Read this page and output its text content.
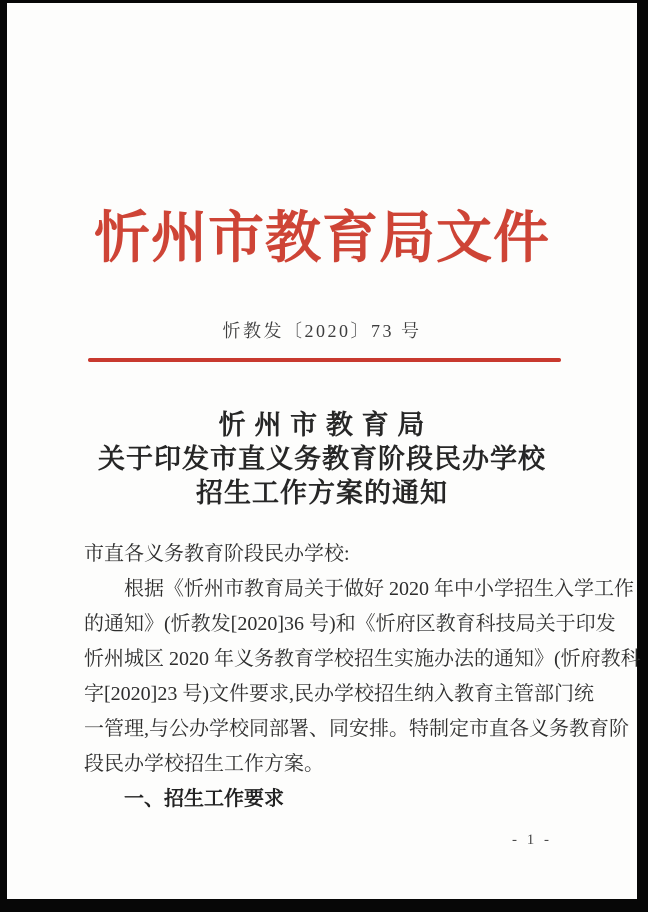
忻州市教育局文件
忻教发〔2020〕73 号
忻 州 市 教 育 局
关于印发市直义务教育阶段民办学校
招生工作方案的通知
市直各义务教育阶段民办学校:
根据《忻州市教育局关于做好 2020 年中小学招生入学工作
的通知》(忻教发[2020]36 号)和《忻府区教育科技局关于印发
忻州城区 2020 年义务教育学校招生实施办法的通知》(忻府教科
字[2020]23 号)文件要求,民办学校招生纳入教育主管部门统
一管理,与公办学校同部署、同安排。特制定市直各义务教育阶
段民办学校招生工作方案。
一、招生工作要求
- 1 -
